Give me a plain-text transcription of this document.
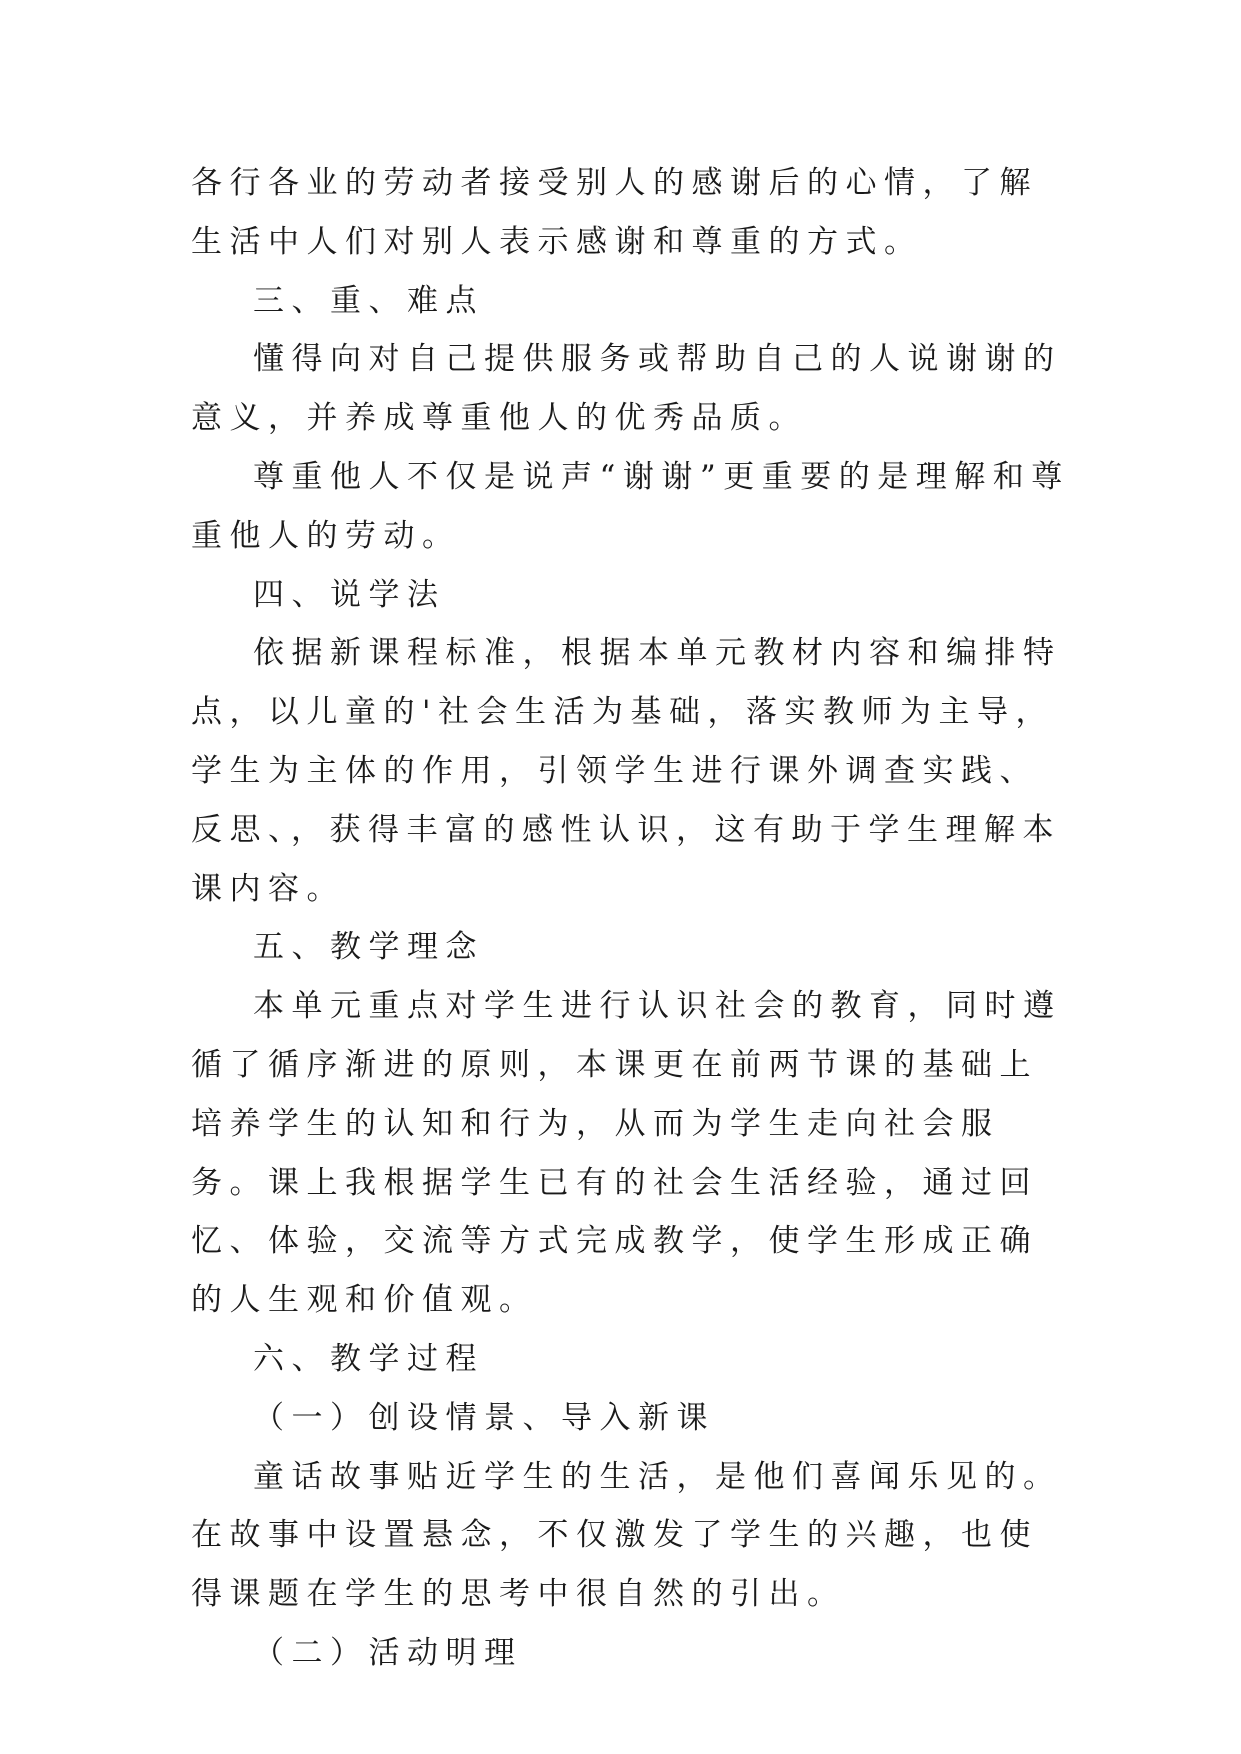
各行各业的劳动者接受别人的感谢后的心情，了解生活中人们对别人表示感谢和尊重的方式。

三、重、难点

懂得向对自己提供服务或帮助自己的人说谢谢的意义，并养成尊重他人的优秀品质。

尊重他人不仅是说声“谢谢”更重要的是理解和尊重他人的劳动。

四、说学法

依据新课程标准，根据本单元教材内容和编排特点，以儿童的'社会生活为基础，落实教师为主导，学生为主体的作用，引领学生进行课外调查实践、反思、，获得丰富的感性认识，这有助于学生理解本课内容。

五、教学理念

本单元重点对学生进行认识社会的教育，同时遵循了循序渐进的原则，本课更在前两节课的基础上培养学生的认知和行为，从而为学生走向社会服务。课上我根据学生已有的社会生活经验，通过回忆、体验，交流等方式完成教学，使学生形成正确的人生观和价值观。

六、教学过程

（一）创设情景、导入新课

童话故事贴近学生的生活，是他们喜闻乐见的。在故事中设置悬念，不仅激发了学生的兴趣，也使得课题在学生的思考中很自然的引出。

（二）活动明理
